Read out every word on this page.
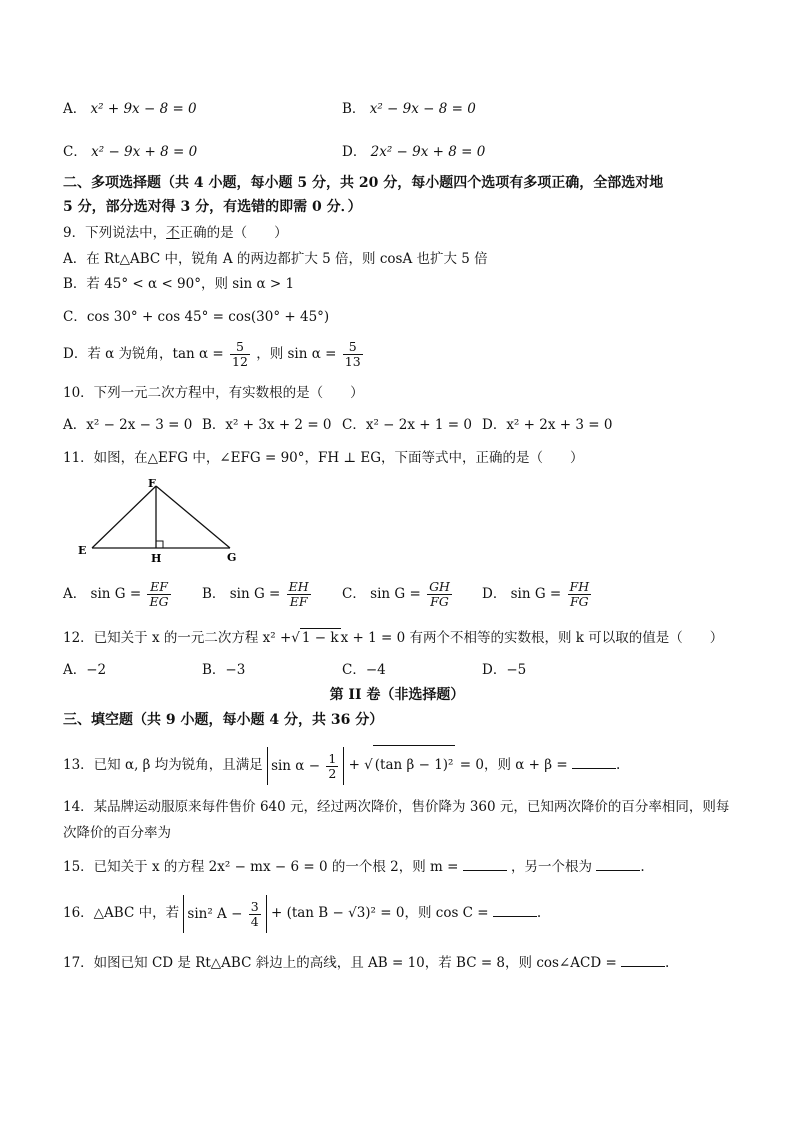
A． x² + 9x − 8 = 0	B． x² − 9x − 8 = 0
C． x² − 9x + 8 = 0	D． 2x² − 9x + 8 = 0
二、多项选择题（共 4 小题，每小题 5 分，共 20 分，每小题四个选项有多项正确，全部选对地
5 分，部分选对得 3 分，有选错的即需 0 分．）
9．下列说法中，不正确的是（　　）
A．在 Rt△ABC 中，锐角 A 的两边都扩大 5 倍，则 cosA 也扩大 5 倍
B．若 45° < α < 90°，则 sin α > 1
C．cos 30° + cos 45° = cos(30° + 45°)
D．若 α 为锐角，$\tan \alpha = \frac{5}{12}$ ，则 $\sin \alpha = \frac{5}{13}$
10．下列一元二次方程中，有实数根的是（　　）
A．x² − 2x − 3 = 0 B．x² + 3x + 2 = 0 C．x² − 2x + 1 = 0 D．x² + 2x + 3 = 0
11．如图，在△EFG 中，∠EFG = 90°，FH ⊥ EG，下面等式中，正确的是（　　）
F
E
H	G
A． $\sin G = \frac{EF}{EG}$ B． $\sin G = \frac{EH}{EF}$ C． $\sin G = \frac{GH}{FG}$ D． $\sin G = \frac{FH}{FG}$
12．已知关于 x 的一元二次方程 x² +√ 1 − k x + 1 = 0 有两个不相等的实数根，则 k 可以取的值是（　　）
A．−2	B．−3	C．−4	D．−5
第 II 卷（非选择题）
三、填空题（共 9 小题，每小题 4 分，共 36 分）
13．已知 α, β 均为锐角，且满足 $\sin \alpha - \frac{1}{2}$ + √ (tan β − 1)² = 0，则 α + β =	.
14．某品牌运动服原来每件售价 640 元，经过两次降价，售价降为 360 元，已知两次降价的百分率相同，则每
次降价的百分率为
15．已知关于 x 的方程 2x² − mx − 6 = 0 的一个根 2，则 m =	，另一个根为	.
16．△ABC 中，若 sin² $A - \frac{3}{4} + (\tan$ B − √3)² = 0，则 cos C =	.
17．如图已知 CD 是 Rt△ABC 斜边上的高线，且 AB = 10，若 BC = 8，则 cos∠ACD =	.
